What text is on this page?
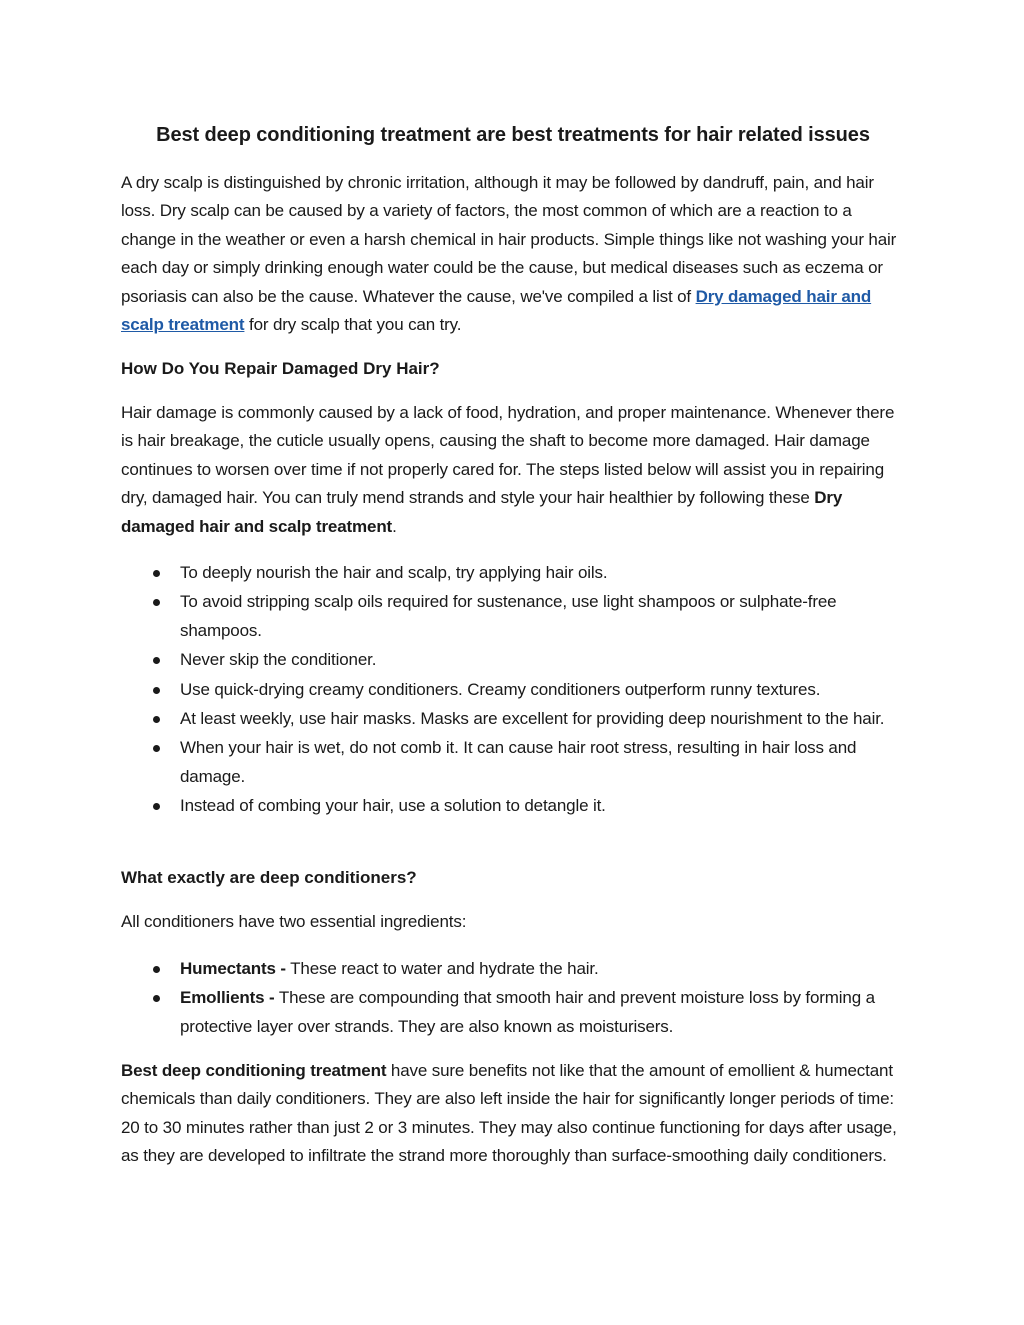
Best deep conditioning treatment are best treatments for hair related issues

A dry scalp is distinguished by chronic irritation, although it may be followed by dandruff, pain, and hair loss. Dry scalp can be caused by a variety of factors, the most common of which are a reaction to a change in the weather or even a harsh chemical in hair products. Simple things like not washing your hair each day or simply drinking enough water could be the cause, but medical diseases such as eczema or psoriasis can also be the cause. Whatever the cause, we've compiled a list of Dry damaged hair and scalp treatment for dry scalp that you can try.

How Do You Repair Damaged Dry Hair?

Hair damage is commonly caused by a lack of food, hydration, and proper maintenance. Whenever there is hair breakage, the cuticle usually opens, causing the shaft to become more damaged. Hair damage continues to worsen over time if not properly cared for. The steps listed below will assist you in repairing dry, damaged hair. You can truly mend strands and style your hair healthier by following these Dry damaged hair and scalp treatment.

To deeply nourish the hair and scalp, try applying hair oils.
To avoid stripping scalp oils required for sustenance, use light shampoos or sulphate-free shampoos.
Never skip the conditioner.
Use quick-drying creamy conditioners. Creamy conditioners outperform runny textures.
At least weekly, use hair masks. Masks are excellent for providing deep nourishment to the hair.
When your hair is wet, do not comb it. It can cause hair root stress, resulting in hair loss and damage.
Instead of combing your hair, use a solution to detangle it.
What exactly are deep conditioners?

All conditioners have two essential ingredients:

Humectants - These react to water and hydrate the hair.
Emollients - These are compounding that smooth hair and prevent moisture loss by forming a protective layer over strands. They are also known as moisturisers.

Best deep conditioning treatment have sure benefits not like that the amount of emollient & humectant chemicals than daily conditioners. They are also left inside the hair for significantly longer periods of time: 20 to 30 minutes rather than just 2 or 3 minutes. They may also continue functioning for days after usage, as they are developed to infiltrate the strand more thoroughly than surface-smoothing daily conditioners.
